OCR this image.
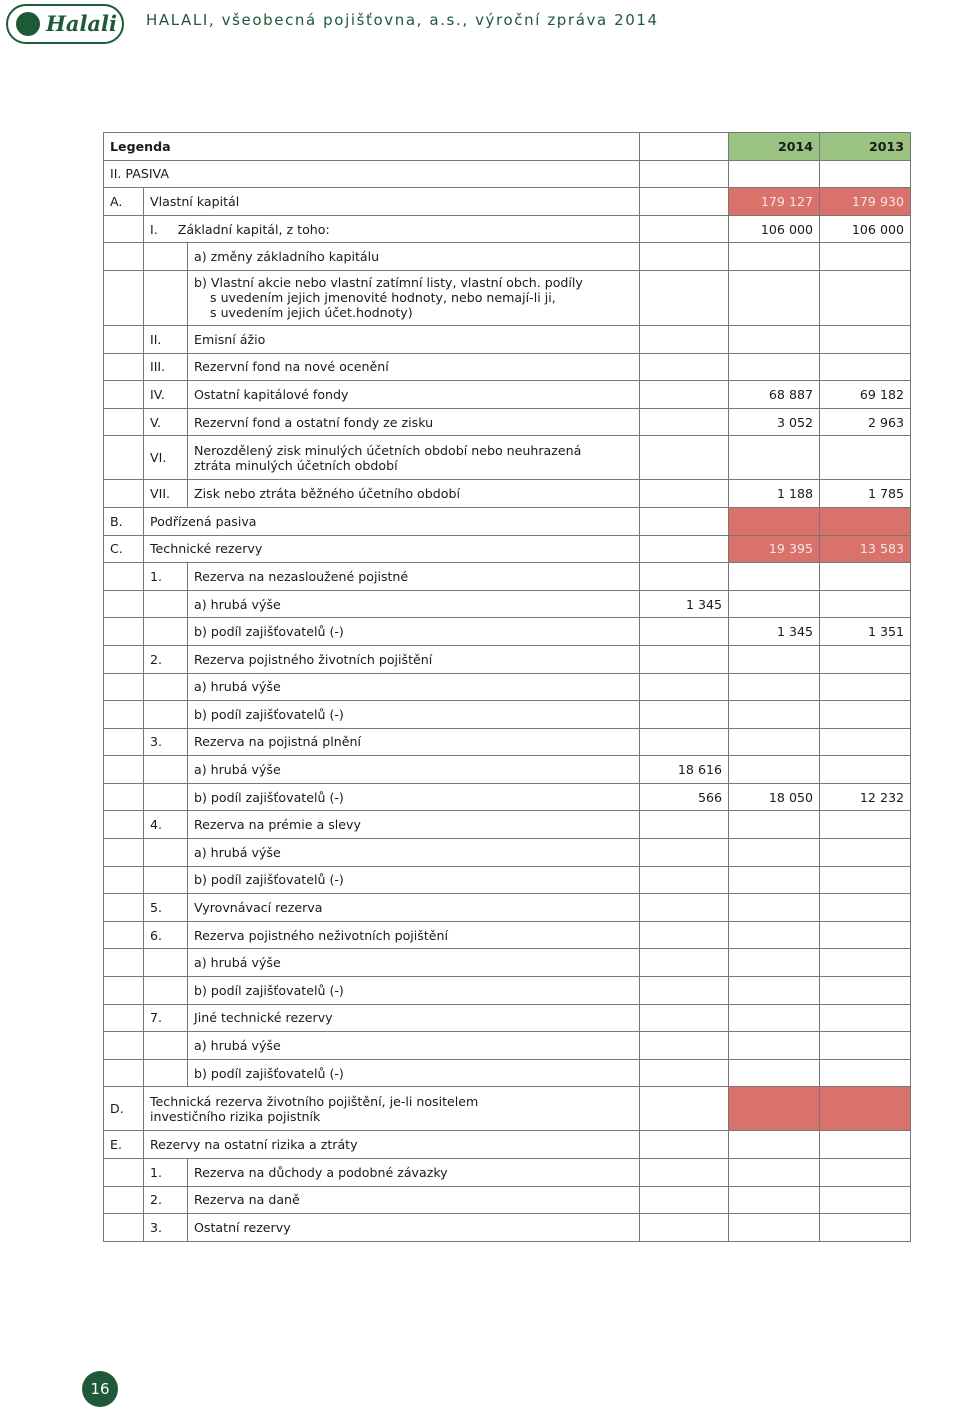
Halali HALALI, všeobecná pojišťovna, a.s., výroční zpráva 2014
Legenda				2014	2013
II. PASIVA					
A.	Vlastní kapitál			179 127	179 930
	I. Základní kapitál, z toho:			106 000	106 000
		a) změny základního kapitálu			

		b) Vlastní akcie nebo vlastní zatímní listy, vlastní obch. podíly
s uvedením jejich jmenovité hodnoty, nebo nemají-li ji,
s uvedením jejich účet.hodnoty)			

	II.	Emisní ážio			
	III.	Rezervní fond na nové ocenění			
	IV.	Ostatní kapitálové fondy		68 887	69 182
	V.	Rezervní fond a ostatní fondy ze zisku		3 052	2 963
	VI.	Nerozdělený zisk minulých účetních období nebo neuhrazená
ztráta minulých účetních období			

	VII.	Zisk nebo ztráta běžného účetního období		1 188	1 785
B.	Podřízená pasiva				
C.	Technické rezervy			19 395	13 583
	1.	Rezerva na nezasloužené pojistné			
		a) hrubá výše	1 345		
		b) podíl zajišťovatelů (-)		1 345	1 351
	2.	Rezerva pojistného životních pojištění			
		a) hrubá výše			
		b) podíl zajišťovatelů (-)			
	3.	Rezerva na pojistná plnění			
		a) hrubá výše	18 616		
		b) podíl zajišťovatelů (-)	566	18 050	12 232
	4.	Rezerva na prémie a slevy			
		a) hrubá výše			
		b) podíl zajišťovatelů (-)			
	5.	Vyrovnávací rezerva			
	6.	Rezerva pojistného neživotních pojištění			
		a) hrubá výše			
		b) podíl zajišťovatelů (-)			
	7.	Jiné technické rezervy			
		a) hrubá výše			
		b) podíl zajišťovatelů (-)			
D.	Technická rezerva životního pojištění, je-li nositelem
investičního rizika pojistník				

E.	Rezervy na ostatní rizika a ztráty				
	1.	Rezerva na důchody a podobné závazky			
	2.	Rezerva na daně			
	3.	Ostatní rezervy			
16
